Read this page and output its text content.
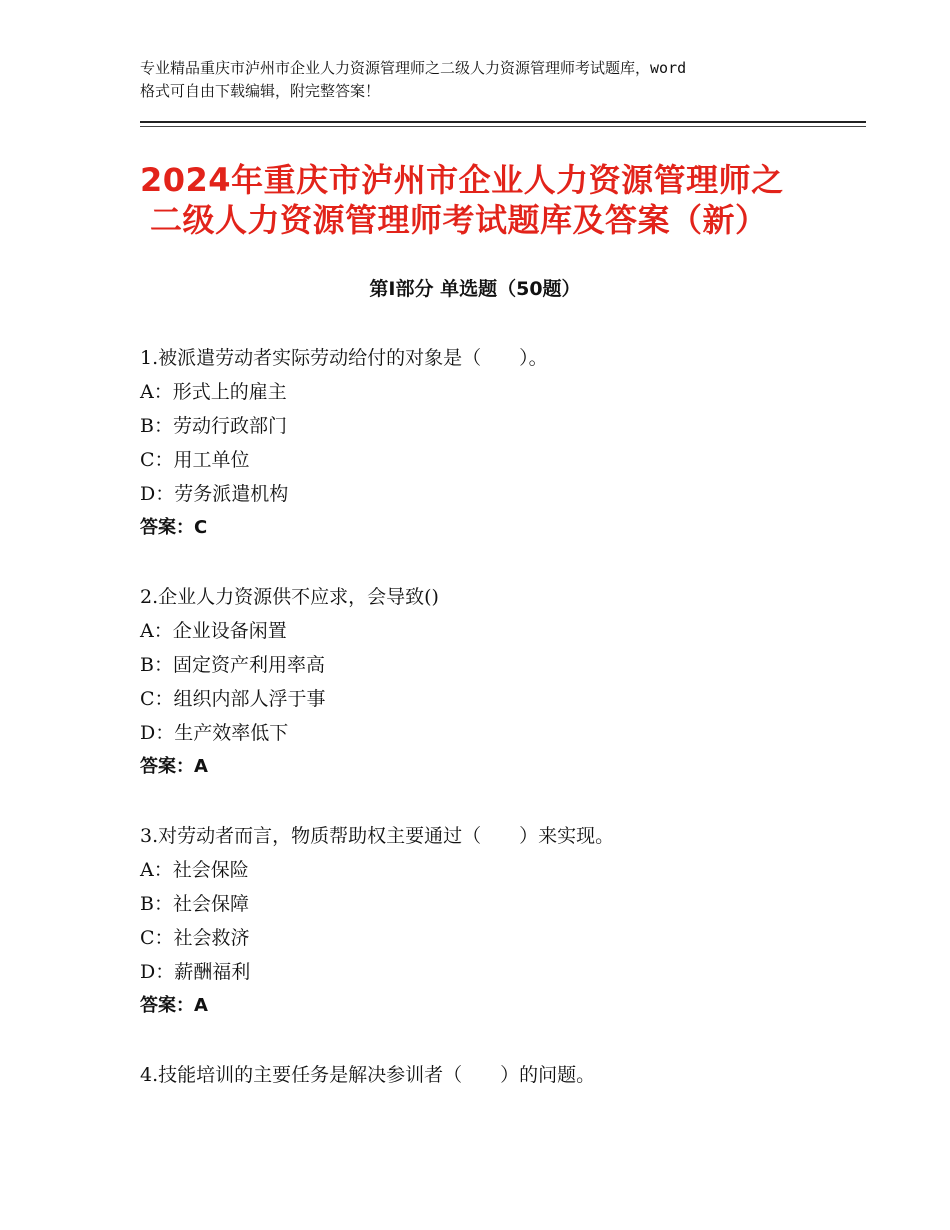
专业精品重庆市泸州市企业人力资源管理师之二级人力资源管理师考试题库，word
格式可自由下载编辑，附完整答案！
2024年重庆市泸州市企业人力资源管理师之
二级人力资源管理师考试题库及答案（新）
第Ⅰ部分 单选题（50题）
1.被派遣劳动者实际劳动给付的对象是（　　）。
A：形式上的雇主
B：劳动行政部门
C：用工单位
D：劳务派遣机构
答案：C
2.企业人力资源供不应求，会导致()
A：企业设备闲置
B：固定资产利用率高
C：组织内部人浮于事
D：生产效率低下
答案：A
3.对劳动者而言，物质帮助权主要通过（　　）来实现。
A：社会保险
B：社会保障
C：社会救济
D：薪酬福利
答案：A
4.技能培训的主要任务是解决参训者（　　）的问题。
